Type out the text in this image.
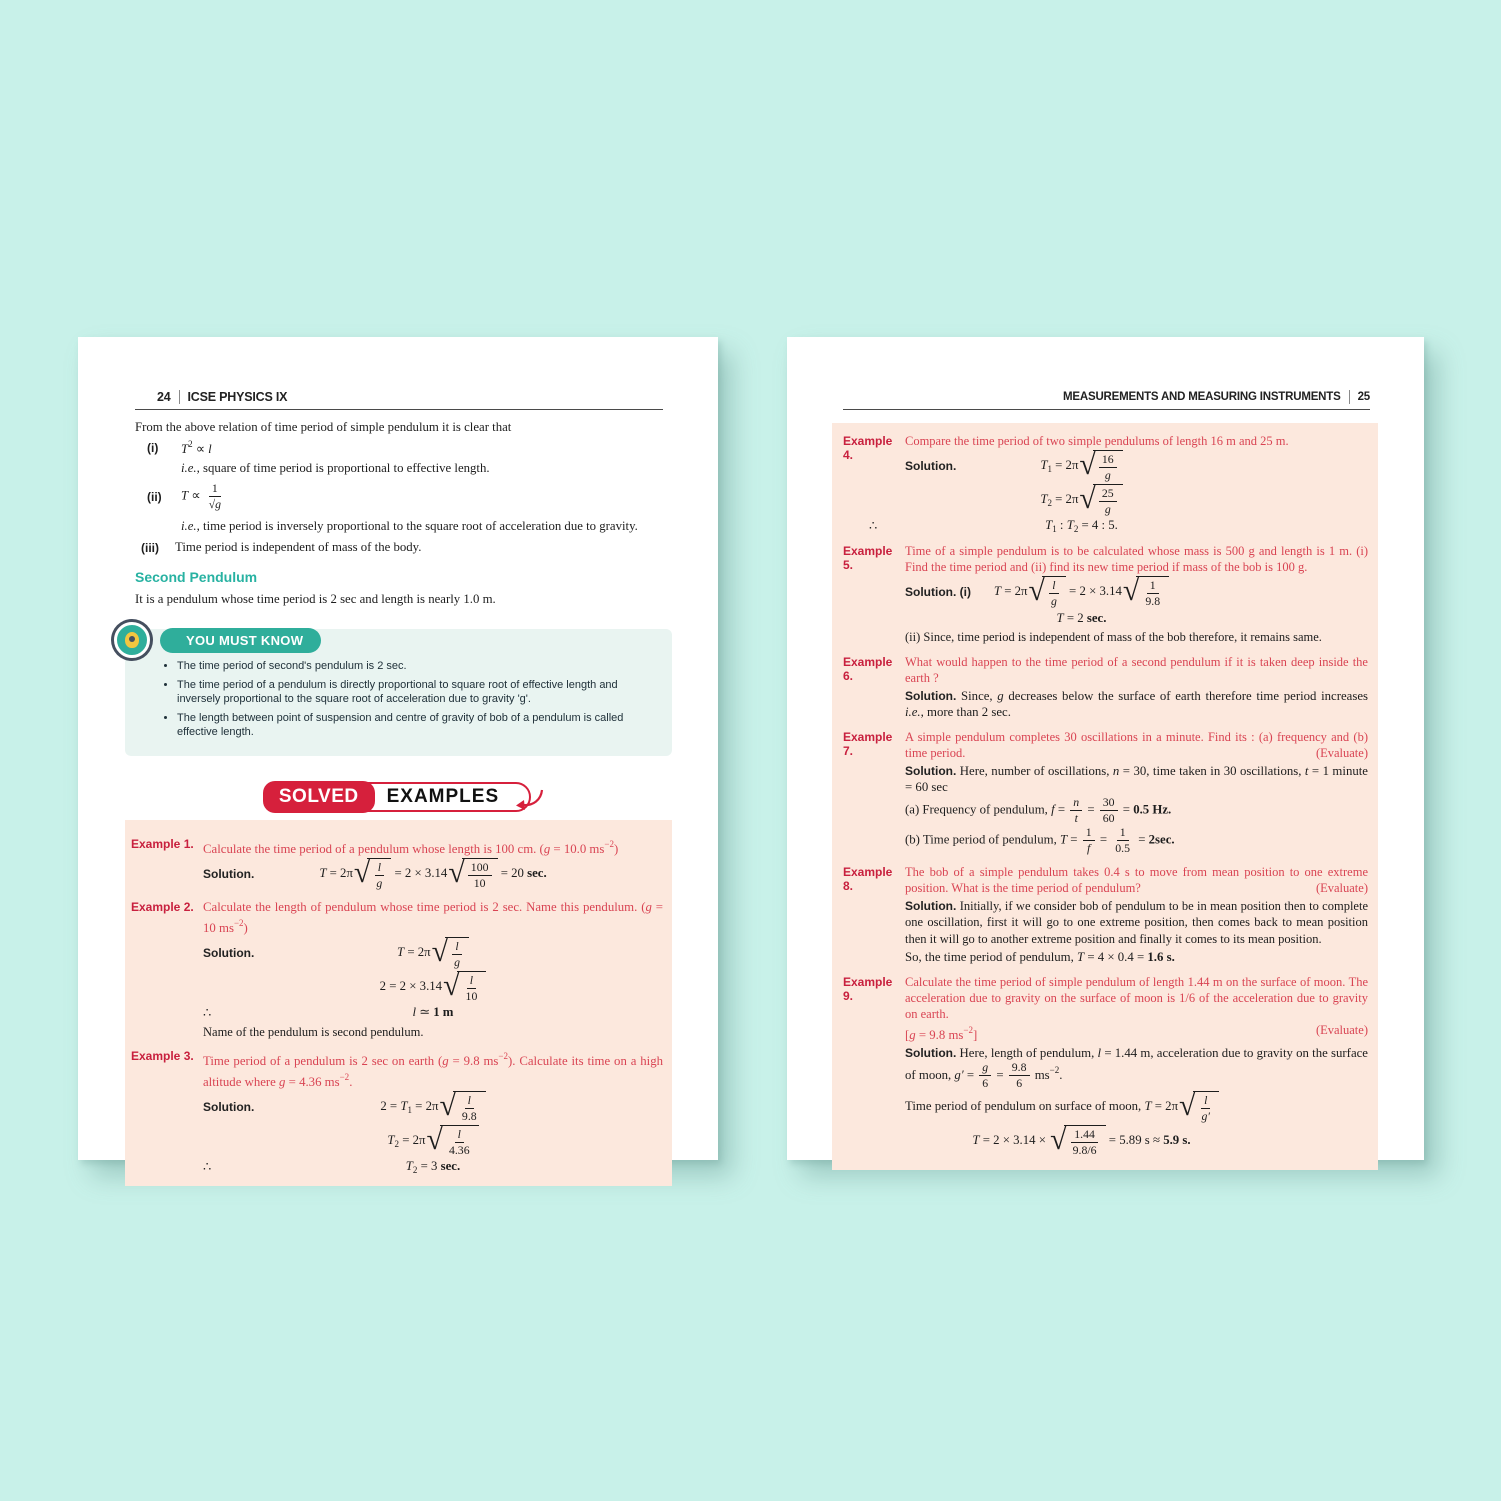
24 ICSE PHYSICS IX

From the above relation of time period of simple pendulum it is clear that

(i)	$T^2 \propto l$

i.e., square of time period is proportional to effective length.

(ii)	$T \propto \frac{1}{√g}$

i.e., time period is inversely proportional to the square root of acceleration due to gravity.

(iii)	Time period is independent of mass of the body.
Second Pendulum

It is a pendulum whose time period is 2 sec and length is nearly 1.0 m.

YOU MUST KNOW
• The time period of second's pendulum is 2 sec.
• The time period of a pendulum is directly proportional to square root of effective length and inversely proportional to the square root of acceleration due to gravity 'g'.
• The length between point of suspension and centre of gravity of bob of a pendulum is called effective length.
SOLVED	EXAMPLES
Example 1. Calculate the time period of a pendulum whose length is 100 cm. (g = 10.0 $ms^{-2}$)
Solution.	T = 2π √ $\frac{l}{g} = 2 \times 3.14$ √ $\frac{100}{10} = 20$ sec.
Example 2. Calculate the length of pendulum whose time period is 2 sec. Name this pendulum. (g = 10 $ms^{-2}$)
Solution.	T = 2π √ $\frac{l}{g}$
2 = 2 × 3.14 √ $\frac{l}{10}$
∴	l ≃ 1 m

Name of the pendulum is second pendulum.

Example 3. Time period of a pendulum is 2 sec on earth (g = 9.8 $ms^{-2}$). Calculate its time on a high altitude where g = 4.36 $ms^{-2}$.
Solution.	$2 = T_1 = 2\pi$ √ $\frac{l}{9.8}$
$T_2 = 2\pi$ √ $\frac{l}{4.36}$
∴	$T_2 = 3$ sec.
MEASUREMENTS AND MEASURING INSTRUMENTS 25
Example 4.
Compare the time period of two simple pendulums of length 16 m and 25 m.
Solution.	$T_1 = 2\pi$ √ $\frac{16}{g}$
$T_2 = 2\pi$ √ $\frac{25}{g}$
∴	$T_1$ : $T_2 = 4$ : 5.
Example 5.
Time of a simple pendulum is to be calculated whose mass is 500 g and length is 1 m. (i) Find the time period and (ii) find its new time period if mass of the bob is 100 g.
Solution. (i) T = 2π √ $\frac{l}{g} = 2 \times 3.14$ √ $\frac{1}{9.8}$
T = 2 sec.

(ii) Since, time period is independent of mass of the bob therefore, it remains same.

Example 6.
What would happen to the time period of a second pendulum if it is taken deep inside the earth ?

Solution. Since, g decreases below the surface of earth therefore time period increases i.e., more than 2 sec.

Example 7.
A simple pendulum completes 30 oscillations in a minute. Find its : (a) frequency and (b) time period.	(Evaluate)

Solution. Here, number of oscillations, n = 30, time taken in 30 oscillations, t = 1 minute = 60 sec

(a) Frequency of pendulum, $f = \frac{n}{t} = \frac{30}{60} = 0.5$ Hz.
(b) Time period of pendulum, $T = \frac{1}{f} = \frac{1}{0.5} = 2\sec$.
Example 8.
The bob of a simple pendulum takes 0.4 s to move from mean position to one extreme position. What is the time period of pendulum?	(Evaluate)

Solution. Initially, if we consider bob of pendulum to be in mean position then to complete one oscillation, first it will go to one extreme position, then comes back to mean position then it will go to another extreme position and finally it comes to its mean position.

So, the time period of pendulum, T = 4 × 0.4 = 1.6 s.

Example 9.
Calculate the time period of simple pendulum of length 1.44 m on the surface of moon. The acceleration due to gravity on the surface of moon is 1/6 of the acceleration due to gravity on earth.
[g = 9.8 $ms^{-2}$]	(Evaluate)

Solution. Here, length of pendulum, l = 1.44 m, acceleration due to gravity on the surface of moon, $g' = \frac{g}{6} = \frac{9.8}{6} ms^{-2}$.

Time period of pendulum on surface of moon, T = 2π √ $\frac{l}{g'}$
T = 2 × 3.14 × √ $\frac{1.44}{9.8/6} = 5.89$ s ≈ 5.9 s.
